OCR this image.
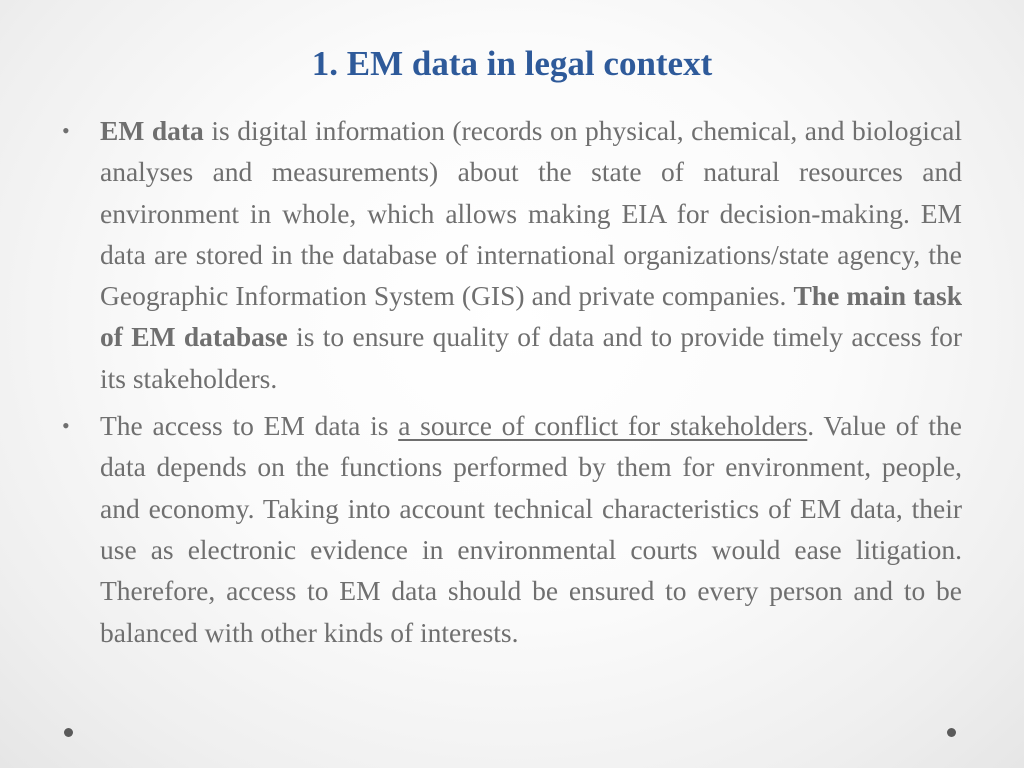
1. EM data in legal context
•	EM data is digital information (records on physical, chemical, and biological analyses and measurements) about the state of natural resources and environment in whole, which allows making EIA for decision-making. EM data are stored in the database of international organizations/state agency, the Geographic Information System (GIS) and private companies. The main task of EM database is to ensure quality of data and to provide timely access for its stakeholders.
•	The access to EM data is a source of conflict for stakeholders. Value of the data depends on the functions performed by them for environment, people, and economy. Taking into account technical characteristics of EM data, their use as electronic evidence in environmental courts would ease litigation. Therefore, access to EM data should be ensured to every person and to be balanced with other kinds of interests.
